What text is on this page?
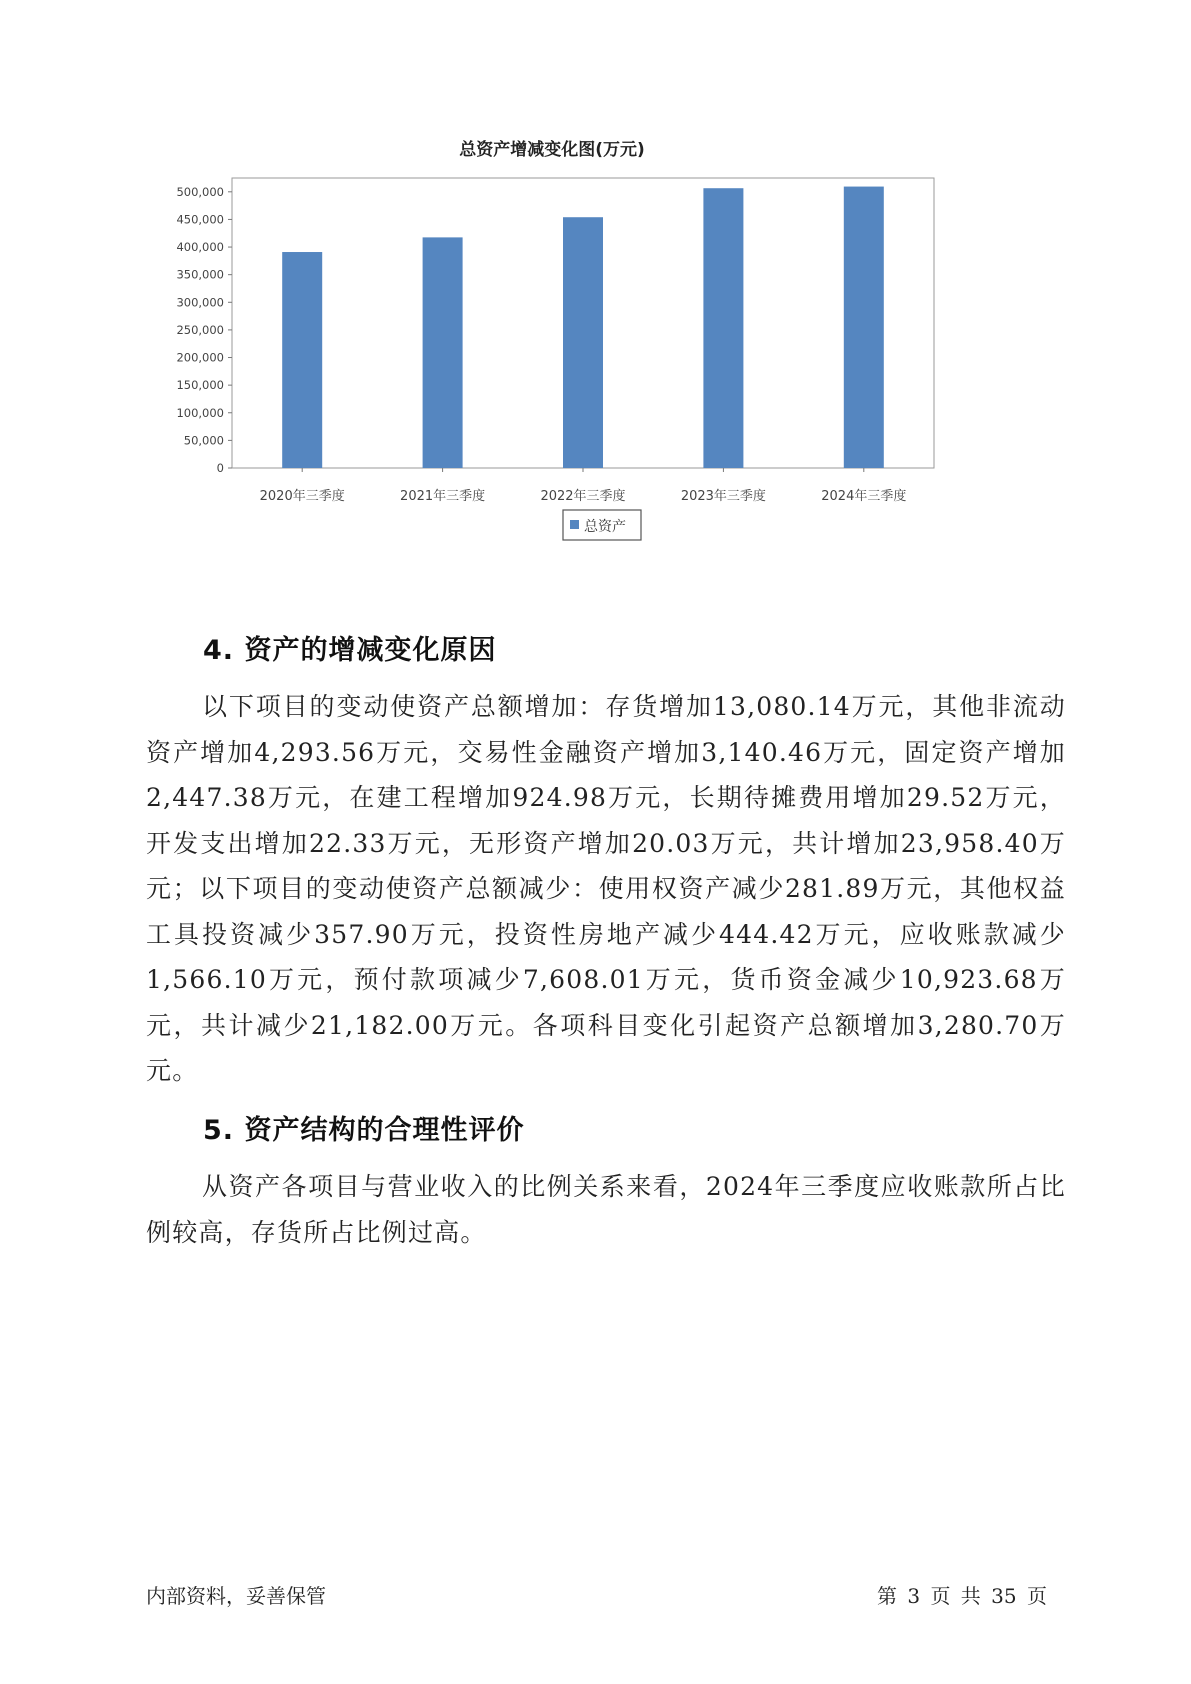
总资产增减变化图(万元)
0
50,000
100,000
150,000
200,000
250,000
300,000
350,000
400,000
450,000
500,000
2020年三季度	2021年三季度	2022年三季度	2023年三季度	2024年三季度
总资产
4. 资产的增减变化原因

以下项目的变动使资产总额增加：存货增加13,080.14万元，其他非流动资产增加4,293.56万元，交易性金融资产增加3,140.46万元，固定资产增加2,447.38万元，在建工程增加924.98万元，长期待摊费用增加29.52万元，开发支出增加22.33万元，无形资产增加20.03万元，共计增加23,958.40万元；以下项目的变动使资产总额减少：使用权资产减少281.89万元，其他权益工具投资减少357.90万元，投资性房地产减少444.42万元，应收账款减少1,566.10万元，预付款项减少7,608.01万元，货币资金减少10,923.68万元，共计减少21,182.00万元。各项科目变化引起资产总额增加3,280.70万元。

5. 资产结构的合理性评价

从资产各项目与营业收入的比例关系来看，2024年三季度应收账款所占比例较高，存货所占比例过高。

内部资料，妥善保管	第 3 页 共 35 页
